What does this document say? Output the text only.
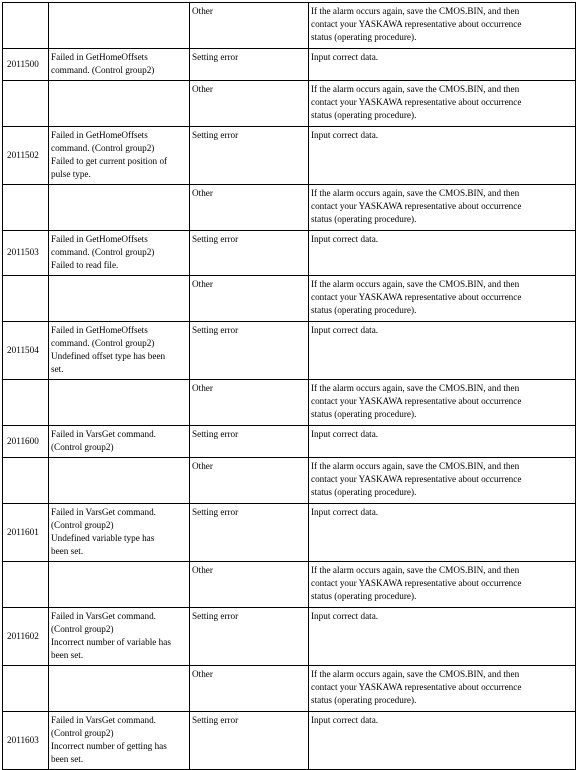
		Other	If the alarm occurs again, save the CMOS.BIN, and then
contact your YASKAWA representative about occurrence
status (operating procedure).

2011500	Failed in GetHomeOffsets
command. (Control group2)	Setting error	Input correct data.

		Other	If the alarm occurs again, save the CMOS.BIN, and then
contact your YASKAWA representative about occurrence
status (operating procedure).

2011502	Failed in GetHomeOffsets
command. (Control group2)
Failed to get current position of
pulse type.	Setting error	Input correct data.

		Other	If the alarm occurs again, save the CMOS.BIN, and then
contact your YASKAWA representative about occurrence
status (operating procedure).

2011503	Failed in GetHomeOffsets
command. (Control group2)
Failed to read file.	Setting error	Input correct data.

		Other	If the alarm occurs again, save the CMOS.BIN, and then
contact your YASKAWA representative about occurrence
status (operating procedure).

2011504	Failed in GetHomeOffsets
command. (Control group2)
Undefined offset type has been
set.	Setting error	Input correct data.

		Other	If the alarm occurs again, save the CMOS.BIN, and then
contact your YASKAWA representative about occurrence
status (operating procedure).

2011600	Failed in VarsGet command.
(Control group2)	Setting error	Input correct data.

		Other	If the alarm occurs again, save the CMOS.BIN, and then
contact your YASKAWA representative about occurrence
status (operating procedure).

2011601	Failed in VarsGet command.
(Control group2)
Undefined variable type has
been set.	Setting error	Input correct data.

		Other	If the alarm occurs again, save the CMOS.BIN, and then
contact your YASKAWA representative about occurrence
status (operating procedure).

2011602	Failed in VarsGet command.
(Control group2)
Incorrect number of variable has
been set.	Setting error	Input correct data.

		Other	If the alarm occurs again, save the CMOS.BIN, and then
contact your YASKAWA representative about occurrence
status (operating procedure).

2011603	Failed in VarsGet command.
(Control group2)
Incorrect number of getting has
been set.	Setting error	Input correct data.
